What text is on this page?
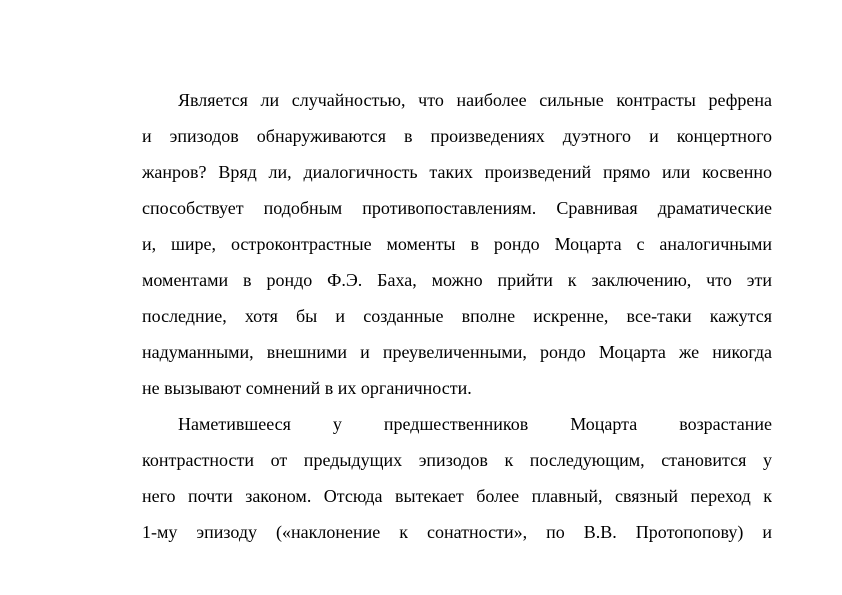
Является ли случайностью, что наиболее сильные контрасты рефрена
и эпизодов обнаруживаются в произведениях дуэтного и концертного
жанров? Вряд ли, диалогичность таких произведений прямо или косвенно
способствует подобным противопоставлениям. Сравнивая драматические
и, шире, остроконтрастные моменты в рондо Моцарта с аналогичными
моментами в рондо Ф.Э. Баха, можно прийти к заключению, что эти
последние, хотя бы и созданные вполне искренне, все-таки кажутся
надуманными, внешними и преувеличенными, рондо Моцарта же никогда
не вызывают сомнений в их органичности.
Наметившееся у предшественников Моцарта возрастание
контрастности от предыдущих эпизодов к последующим, становится у
него почти законом. Отсюда вытекает более плавный, связный переход к
1-му эпизоду («наклонение к сонатности», по В.В. Протопопову) и
